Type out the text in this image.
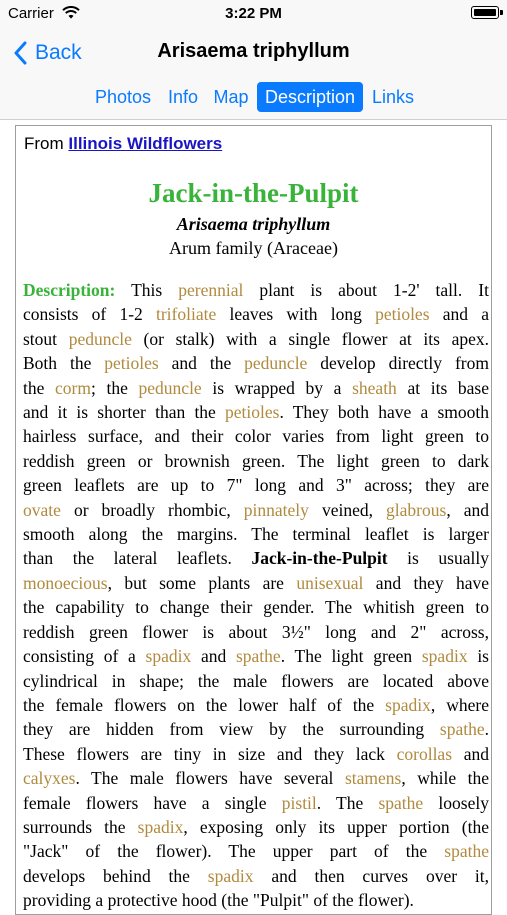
Carrier	3:22 PM
Back	Arisaema triphyllum
Photos Info Map Description Links
From Illinois Wildflowers
Jack-in-the-Pulpit
Arisaema triphyllum
Arum family (Araceae)
Description: This perennial plant is about 1-2' tall. It
consists of 1-2 trifoliate leaves with long petioles and a
stout peduncle (or stalk) with a single flower at its apex.
Both the petioles and the peduncle develop directly from
the corm; the peduncle is wrapped by a sheath at its base
and it is shorter than the petioles. They both have a smooth
hairless surface, and their color varies from light green to
reddish green or brownish green. The light green to dark
green leaflets are up to 7" long and 3" across; they are
ovate or broadly rhombic, pinnately veined, glabrous, and
smooth along the margins. The terminal leaflet is larger
than the lateral leaflets. Jack-in-the-Pulpit is usually
monoecious, but some plants are unisexual and they have
the capability to change their gender. The whitish green to
reddish green flower is about 3½" long and 2" across,
consisting of a spadix and spathe. The light green spadix is
cylindrical in shape; the male flowers are located above
the female flowers on the lower half of the spadix, where
they are hidden from view by the surrounding spathe.
These flowers are tiny in size and they lack corollas and
calyxes. The male flowers have several stamens, while the
female flowers have a single pistil. The spathe loosely
surrounds the spadix, exposing only its upper portion (the
"Jack" of the flower). The upper part of the spathe
develops behind the spadix and then curves over it,
providing a protective hood (the "Pulpit" of the flower).
